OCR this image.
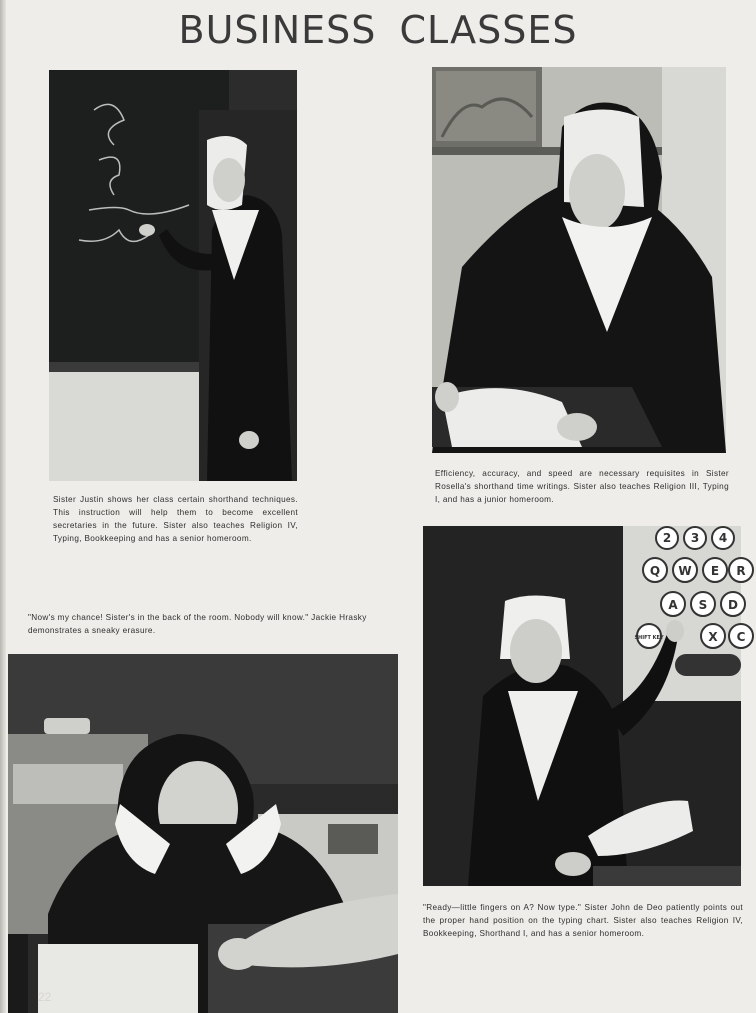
BUSINESS CLASSES
Sister Justin shows her class certain shorthand techniques. This instruction will help them to become excellent secretaries in the future. Sister also teaches Religion IV, Typing, Bookkeeping and has a senior homeroom.
Efficiency, accuracy, and speed are necessary requisites in Sister Rosella's shorthand time writings. Sister also teaches Religion III, Typing I, and has a junior homeroom.
2 3 4
Q W E R
A S D
X C
SHIFT KEY
"Ready—little fingers on A? Now type." Sister John de Deo patiently points out the proper hand position on the typing chart. Sister also teaches Religion IV, Bookkeeping, Shorthand I, and has a senior homeroom.
"Now's my chance! Sister's in the back of the room. Nobody will know." Jackie Hrasky demonstrates a sneaky erasure.
22
